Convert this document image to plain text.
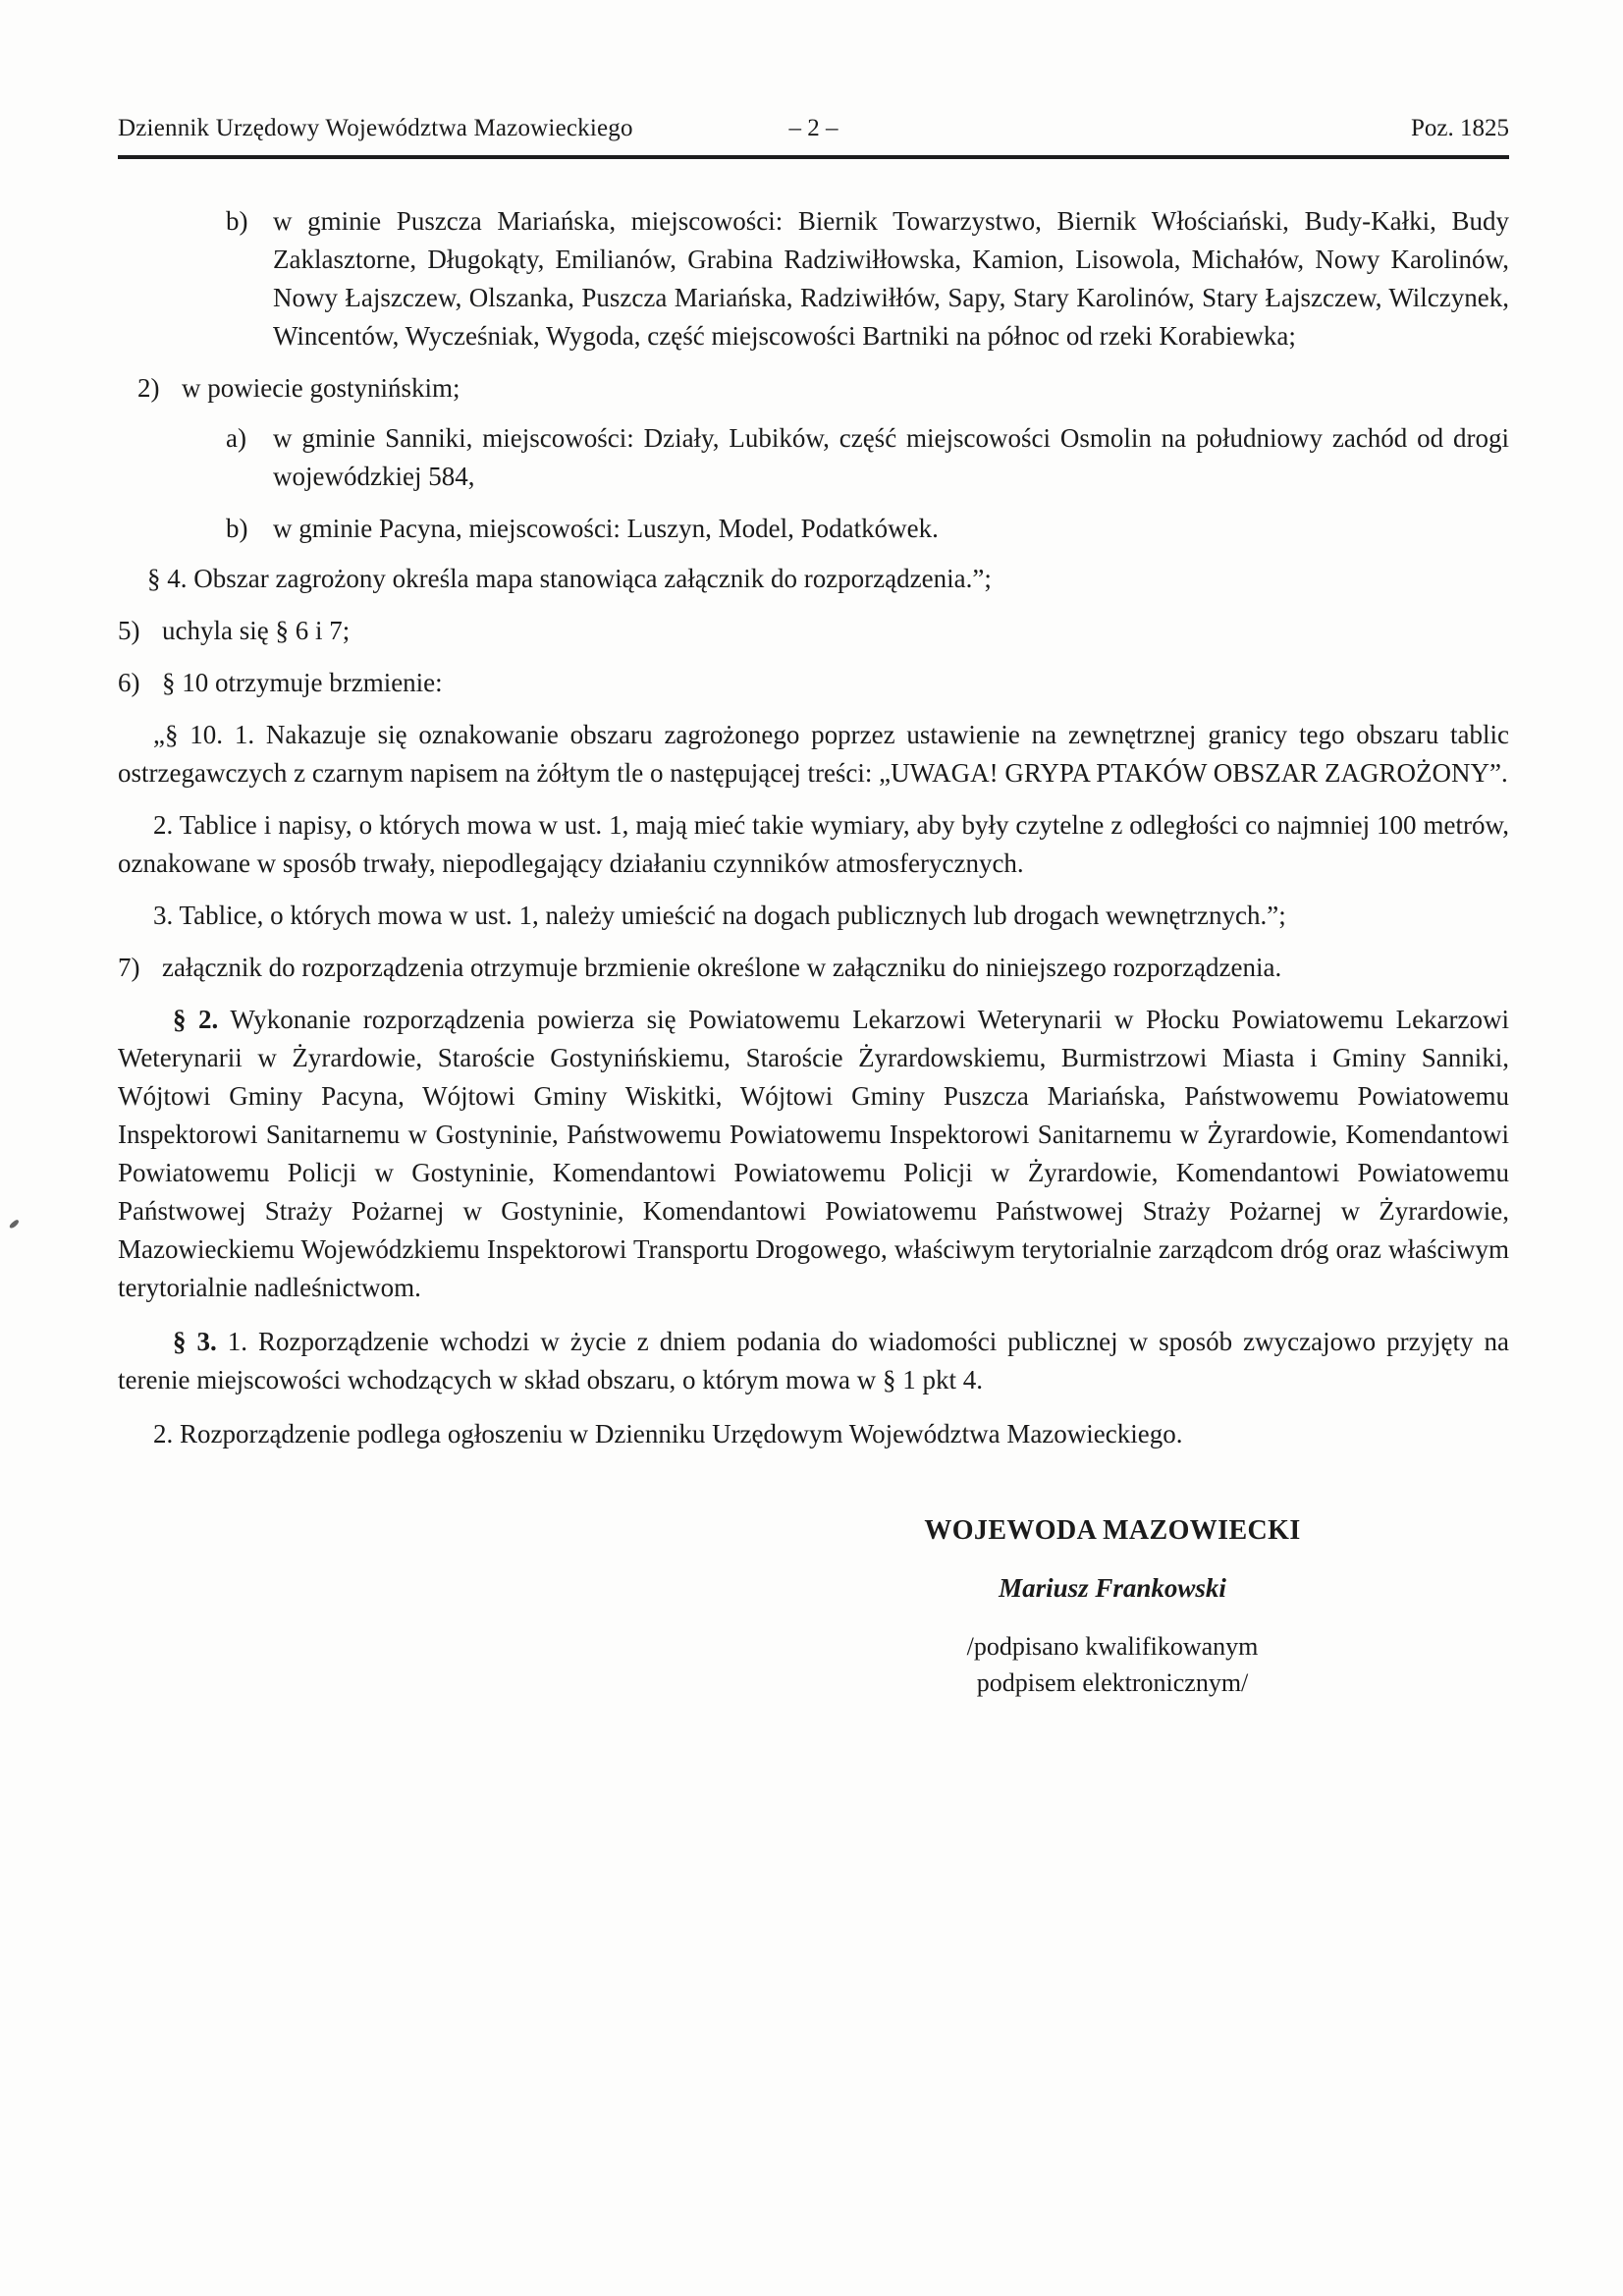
Dziennik Urzędowy Województwa Mazowieckiego	– 2 –	Poz. 1825
b) w gminie Puszcza Mariańska, miejscowości: Biernik Towarzystwo, Biernik Włościański, Budy-Kałki, Budy Zaklasztorne, Długokąty, Emilianów, Grabina Radziwiłłowska, Kamion, Lisowola, Michałów, Nowy Karolinów, Nowy Łajszczew, Olszanka, Puszcza Mariańska, Radziwiłłów, Sapy, Stary Karolinów, Stary Łajszczew, Wilczynek, Wincentów, Wycześniak, Wygoda, część miejscowości Bartniki na północ od rzeki Korabiewka;
2) w powiecie gostynińskim;
a) w gminie Sanniki, miejscowości: Działy, Lubików, część miejscowości Osmolin na południowy zachód od drogi wojewódzkiej 584,
b) w gminie Pacyna, miejscowości: Luszyn, Model, Podatkówek.
§ 4. Obszar zagrożony określa mapa stanowiąca załącznik do rozporządzenia.”;
5) uchyla się § 6 i 7;
6) § 10 otrzymuje brzmienie:
„§ 10. 1. Nakazuje się oznakowanie obszaru zagrożonego poprzez ustawienie na zewnętrznej granicy tego obszaru tablic ostrzegawczych z czarnym napisem na żółtym tle o następującej treści: „UWAGA! GRYPA PTAKÓW OBSZAR ZAGROŻONY”.
2. Tablice i napisy, o których mowa w ust. 1, mają mieć takie wymiary, aby były czytelne z odległości co najmniej 100 metrów, oznakowane w sposób trwały, niepodlegający działaniu czynników atmosferycznych.
3. Tablice, o których mowa w ust. 1, należy umieścić na dogach publicznych lub drogach wewnętrznych.”;
7) załącznik do rozporządzenia otrzymuje brzmienie określone w załączniku do niniejszego rozporządzenia.
§ 2. Wykonanie rozporządzenia powierza się Powiatowemu Lekarzowi Weterynarii w Płocku Powiatowemu Lekarzowi Weterynarii w Żyrardowie, Staroście Gostynińskiemu, Staroście Żyrardowskiemu, Burmistrzowi Miasta i Gminy Sanniki, Wójtowi Gminy Pacyna, Wójtowi Gminy Wiskitki, Wójtowi Gminy Puszcza Mariańska, Państwowemu Powiatowemu Inspektorowi Sanitarnemu w Gostyninie, Państwowemu Powiatowemu Inspektorowi Sanitarnemu w Żyrardowie, Komendantowi Powiatowemu Policji w Gostyninie, Komendantowi Powiatowemu Policji w Żyrardowie, Komendantowi Powiatowemu Państwowej Straży Pożarnej w Gostyninie, Komendantowi Powiatowemu Państwowej Straży Pożarnej w Żyrardowie, Mazowieckiemu Wojewódzkiemu Inspektorowi Transportu Drogowego, właściwym terytorialnie zarządcom dróg oraz właściwym terytorialnie nadleśnictwom.
§ 3. 1. Rozporządzenie wchodzi w życie z dniem podania do wiadomości publicznej w sposób zwyczajowo przyjęty na terenie miejscowości wchodzących w skład obszaru, o którym mowa w § 1 pkt 4.
2. Rozporządzenie podlega ogłoszeniu w Dzienniku Urzędowym Województwa Mazowieckiego.
WOJEWODA MAZOWIECKI
Mariusz Frankowski
/podpisano kwalifikowanym
podpisem elektronicznym/
